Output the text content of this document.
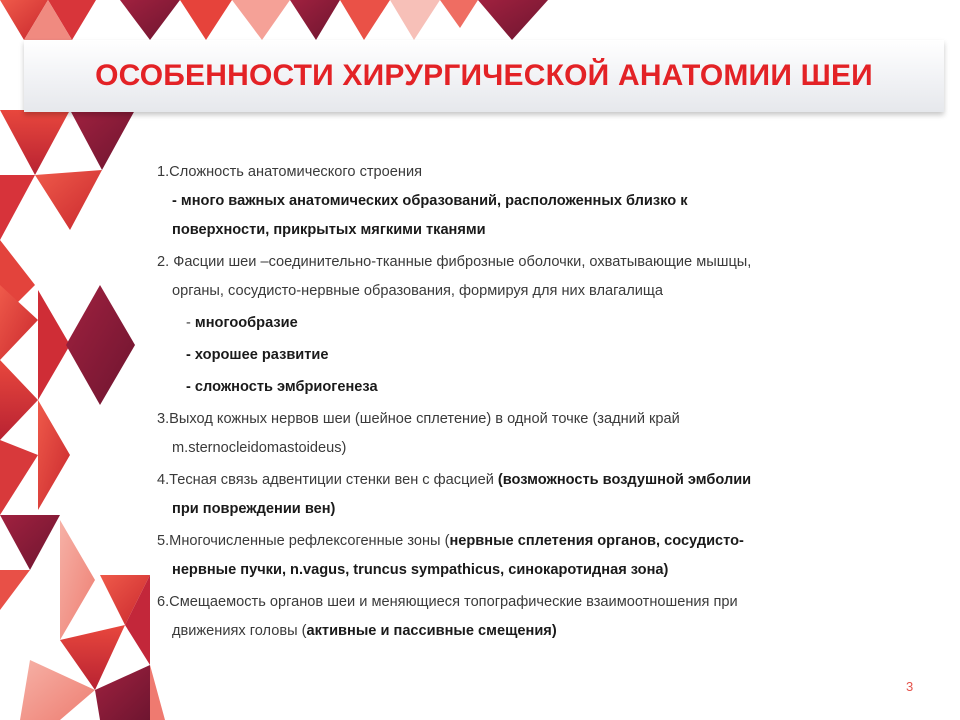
ОСОБЕННОСТИ ХИРУРГИЧЕСКОЙ АНАТОМИИ ШЕИ
1.Сложность анатомического строения
- много важных анатомических образований, расположенных близко к
поверхности, прикрытых мягкими тканями
2. Фасции шеи –соединительно-тканные фиброзные оболочки, охватывающие мышцы,
органы, сосудисто-нервные образования, формируя для них влагалища
- многообразие
- хорошее развитие
- сложность эмбриогенеза
3.Выход кожных нервов шеи (шейное сплетение) в одной точке (задний край
m.sternocleidomastoideus)
4.Тесная связь адвентиции стенки вен с фасцией (возможность воздушной эмболии
при повреждении вен)
5.Многочисленные рефлексогенные зоны (нервные сплетения органов, сосудисто-
нервные пучки, n.vagus, truncus sympathicus, синокаротидная зона)
6.Смещаемость органов шеи и меняющиеся топографические взаимоотношения при
движениях головы (активные и пассивные смещения)
3
